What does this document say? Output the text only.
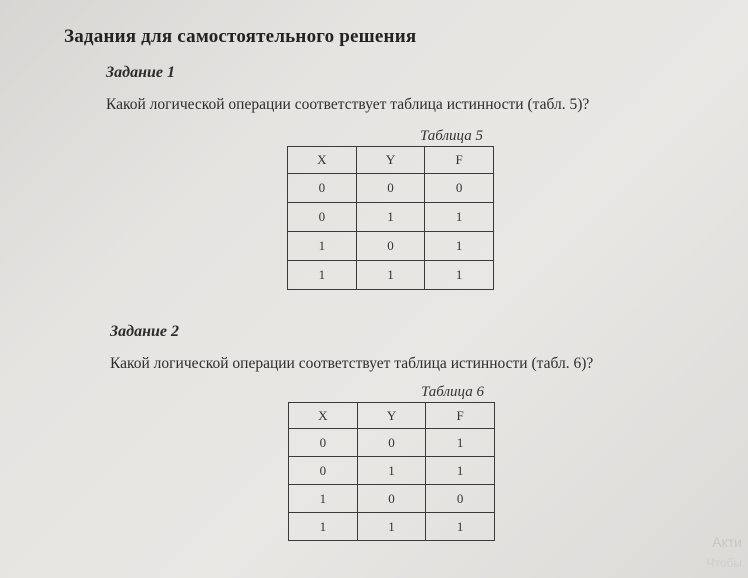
Задания для самостоятельного решения
Задание 1
Какой логической операции соответствует таблица истинности (табл. 5)?
Таблица 5
X	Y	F
0	0	0
0	1	1
1	0	1
1	1	1
Задание 2
Какой логической операции соответствует таблица истинности (табл. 6)?
Таблица 6
X	Y	F
0	0	1
0	1	1
1	0	0
1	1	1
Акти
Чтобы
